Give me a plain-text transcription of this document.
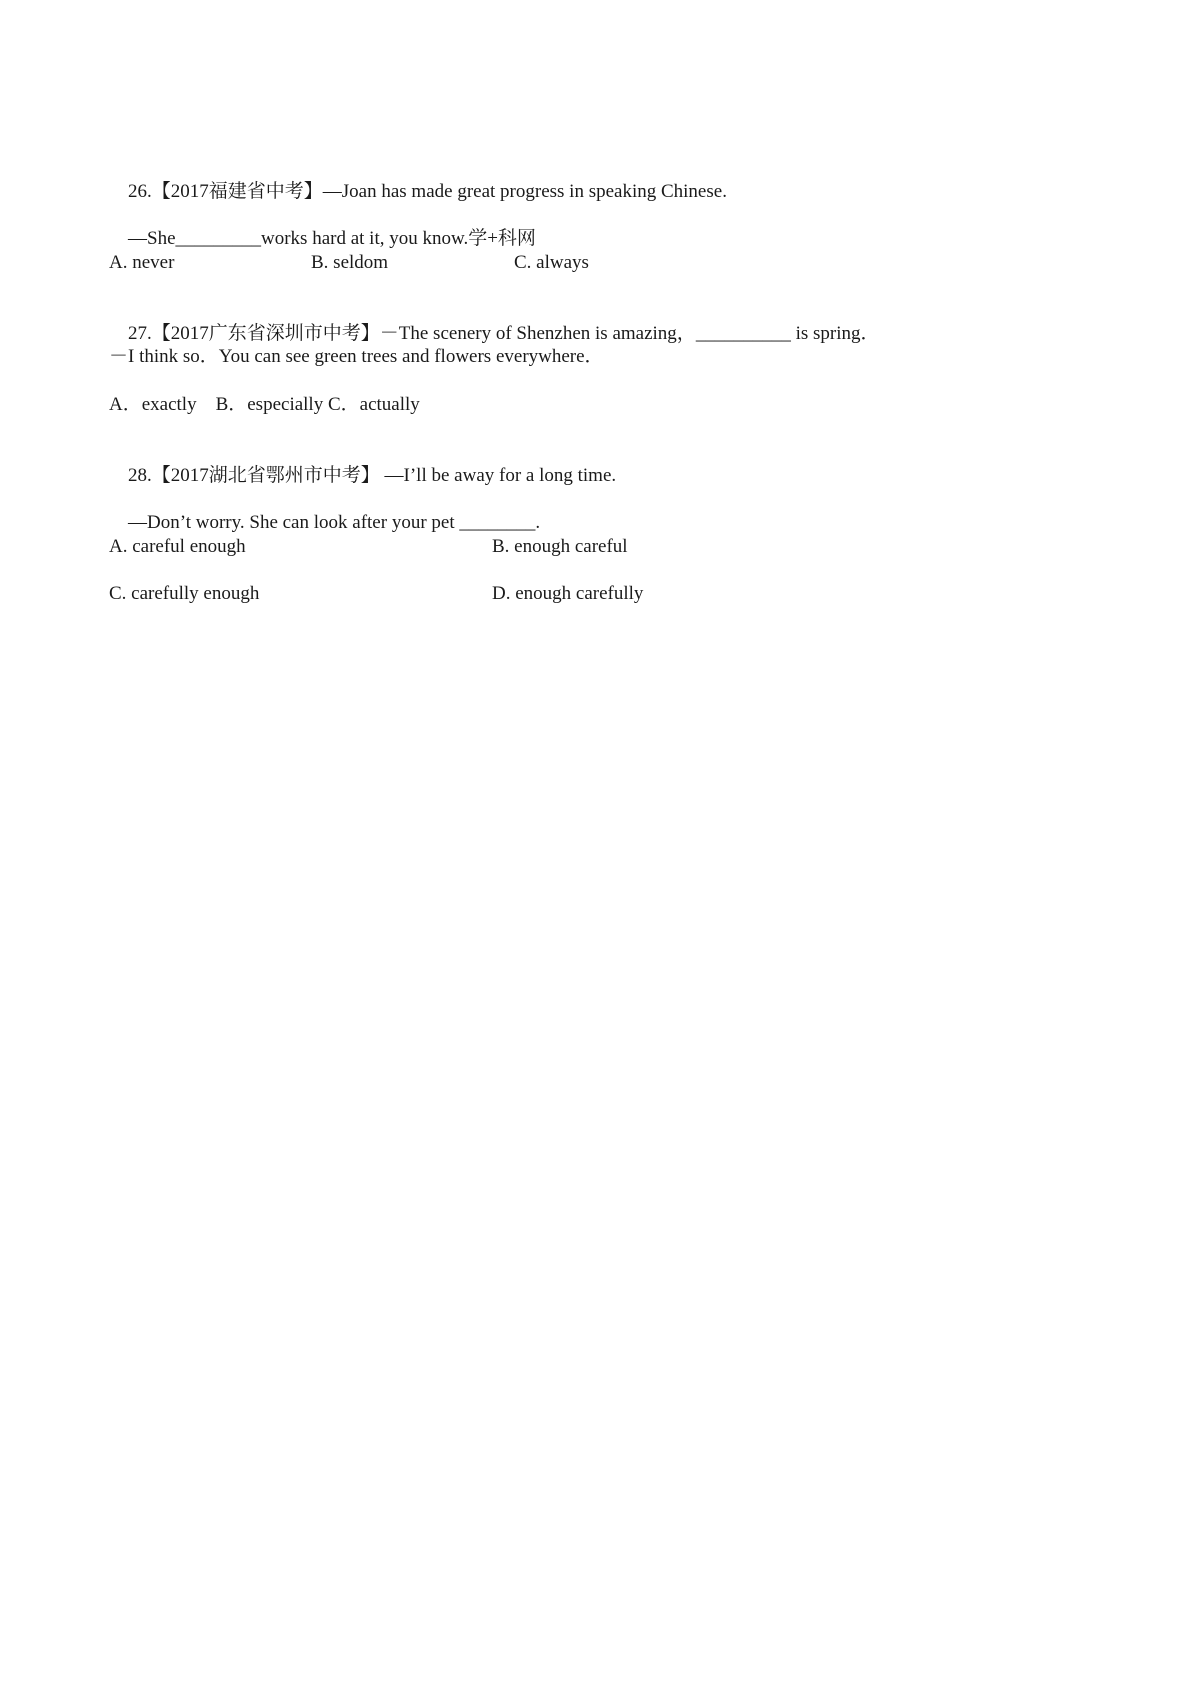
26.【2017福建省中考】—Joan has made great progress in speaking Chinese.

—She_________works hard at it, you know.学+科网

A. never	B. seldom	C. always

27.【2017广东省深圳市中考】－The scenery of Shenzhen is amazing，__________ is spring．

－I think so．You can see green trees and flowers everywhere．
A．exactly　B．especially C．actually

28.【2017湖北省鄂州市中考】 —I’ll be away for a long time.

—Don’t worry. She can look after your pet ________.

A. careful enough	B. enough careful
C. carefully enough	D. enough carefully
